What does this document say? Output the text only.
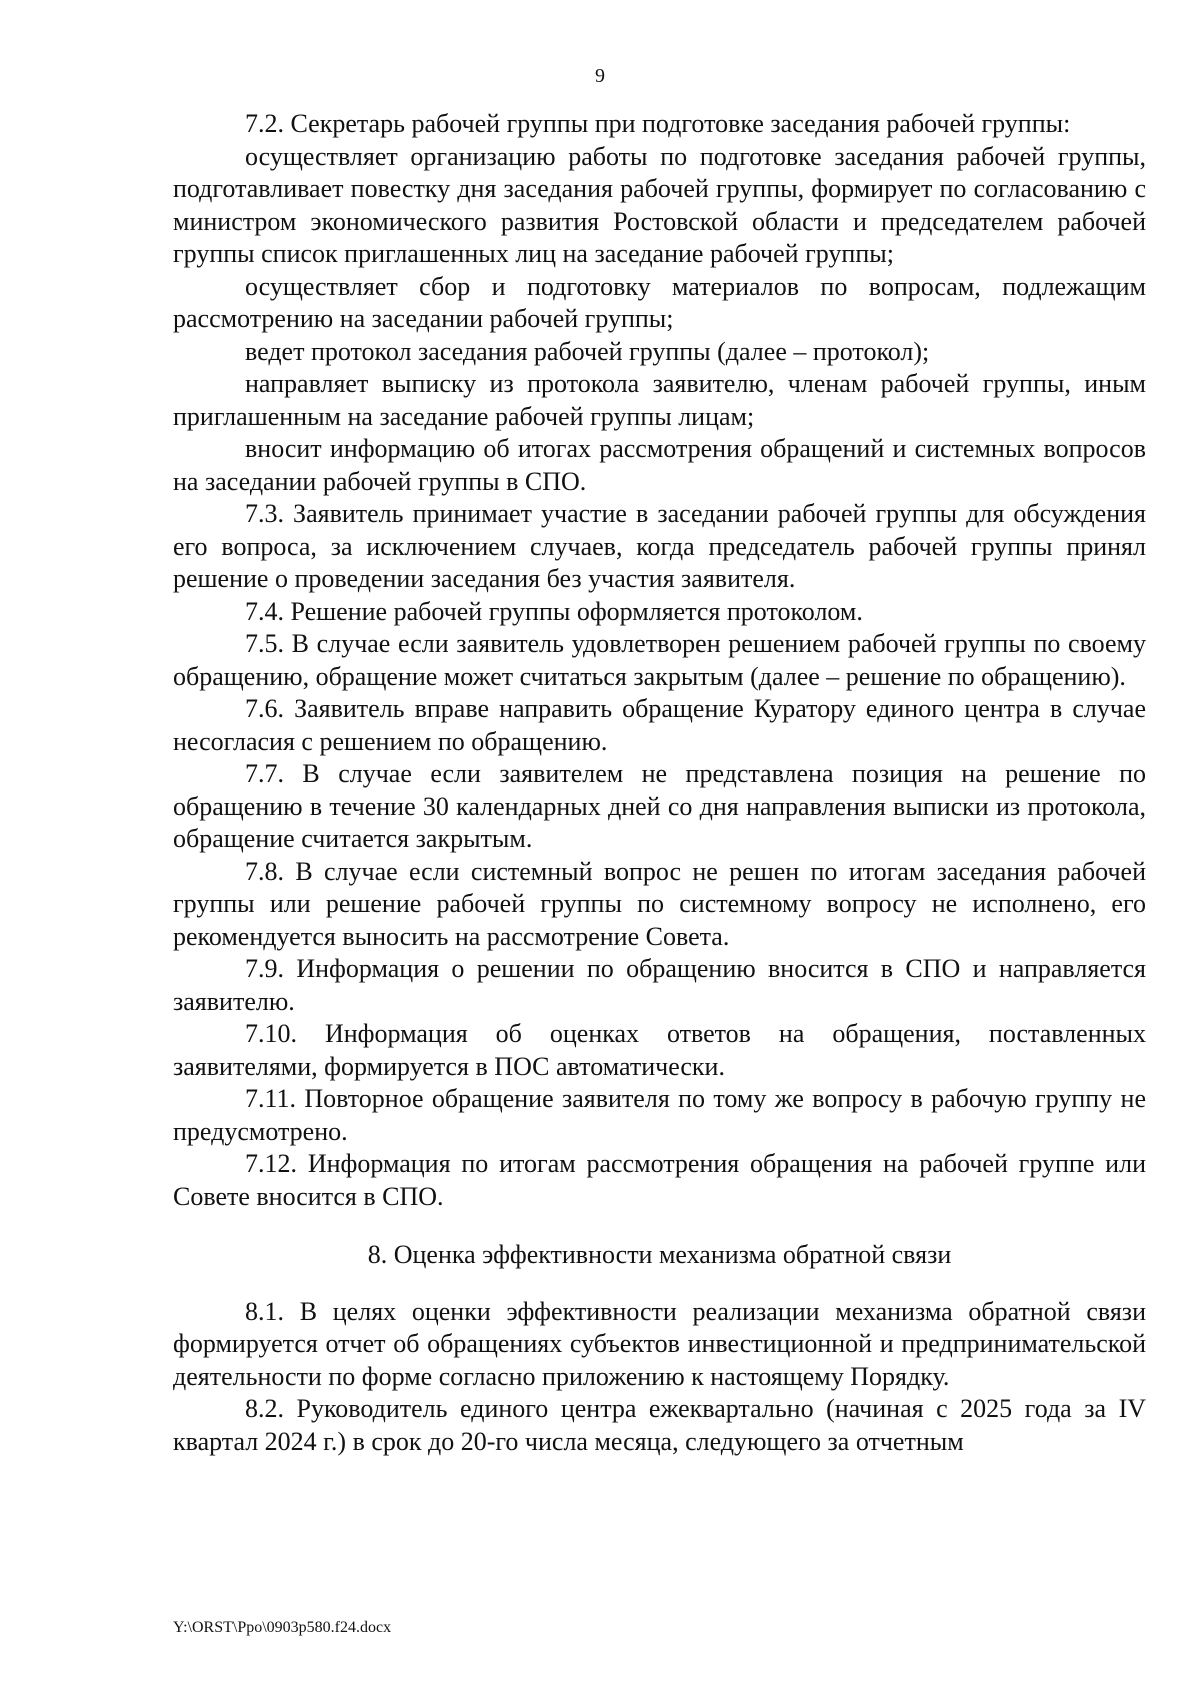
9

7.2. Секретарь рабочей группы при подготовке заседания рабочей группы:

осуществляет организацию работы по подготовке заседания рабочей группы, подготавливает повестку дня заседания рабочей группы, формирует по согласованию с министром экономического развития Ростовской области и председателем рабочей группы список приглашенных лиц на заседание рабочей группы;

осуществляет сбор и подготовку материалов по вопросам, подлежащим рассмотрению на заседании рабочей группы;

ведет протокол заседания рабочей группы (далее – протокол);

направляет выписку из протокола заявителю, членам рабочей группы, иным приглашенным на заседание рабочей группы лицам;

вносит информацию об итогах рассмотрения обращений и системных вопросов на заседании рабочей группы в СПО.

7.3. Заявитель принимает участие в заседании рабочей группы для обсуждения его вопроса, за исключением случаев, когда председатель рабочей группы принял решение о проведении заседания без участия заявителя.

7.4. Решение рабочей группы оформляется протоколом.

7.5. В случае если заявитель удовлетворен решением рабочей группы по своему обращению, обращение может считаться закрытым (далее – решение по обращению).

7.6. Заявитель вправе направить обращение Куратору единого центра в случае несогласия с решением по обращению.

7.7. В случае если заявителем не представлена позиция на решение по обращению в течение 30 календарных дней со дня направления выписки из протокола, обращение считается закрытым.

7.8. В случае если системный вопрос не решен по итогам заседания рабочей группы или решение рабочей группы по системному вопросу не исполнено, его рекомендуется выносить на рассмотрение Совета.

7.9. Информация о решении по обращению вносится в СПО и направляется заявителю.

7.10. Информация об оценках ответов на обращения, поставленных заявителями, формируется в ПОС автоматически.

7.11. Повторное обращение заявителя по тому же вопросу в рабочую группу не предусмотрено.

7.12. Информация по итогам рассмотрения обращения на рабочей группе или Совете вносится в СПО.

8. Оценка эффективности механизма обратной связи

8.1. В целях оценки эффективности реализации механизма обратной связи формируется отчет об обращениях субъектов инвестиционной и предпринимательской деятельности по форме согласно приложению к настоящему Порядку.

8.2. Руководитель единого центра ежеквартально (начиная с 2025 года за IV квартал 2024 г.) в срок до 20-го числа месяца, следующего за отчетным

Y:\ORST\Ppo\0903p580.f24.docx
